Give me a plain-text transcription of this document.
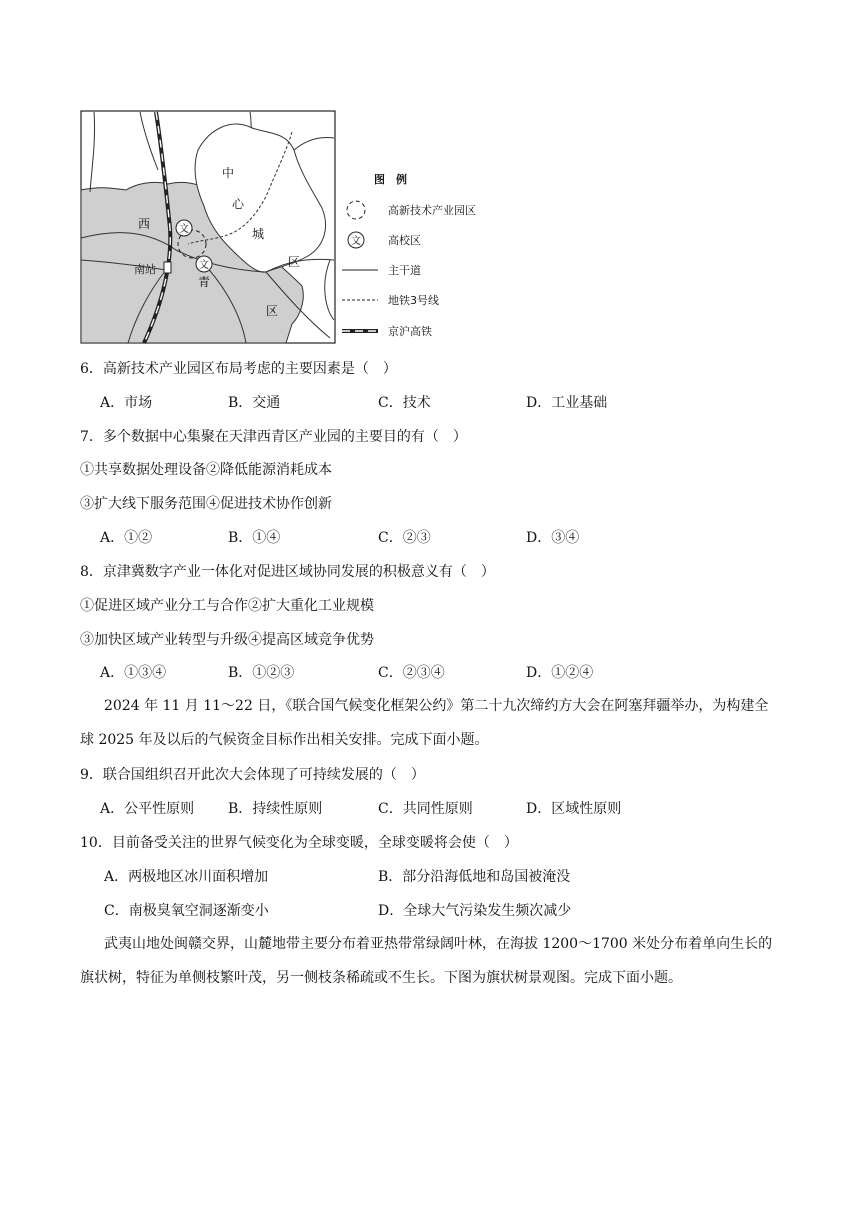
文
文
中
心
城
区
西
青
区
南站
图　例
高新技术产业园区
文 高校区
主干道
地铁3号线
京沪高铁
6．高新技术产业园区布局考虑的主要因素是（　）
A．市场	B．交通	C．技术	D．工业基础
7．多个数据中心集聚在天津西青区产业园的主要目的有（　）
①共享数据处理设备②降低能源消耗成本
③扩大线下服务范围④促进技术协作创新
A．①②	B．①④	C．②③	D．③④
8．京津冀数字产业一体化对促进区域协同发展的积极意义有（　）
①促进区域产业分工与合作②扩大重化工业规模
③加快区域产业转型与升级④提高区域竞争优势
A．①③④	B．①②③	C．②③④	D．①②④
2024 年 11 月 11～22 日，《联合国气候变化框架公约》第二十九次缔约方大会在阿塞拜疆举办，为构建全球 2025 年及以后的气候资金目标作出相关安排。完成下面小题。
9．联合国组织召开此次大会体现了可持续发展的（　）
A．公平性原则 B．持续性原则	C．共同性原则	D．区域性原则
10．目前备受关注的世界气候变化为全球变暖，全球变暖将会使（　）
A．两极地区冰川面积增加	B．部分沿海低地和岛国被淹没
C．南极臭氧空洞逐渐变小	D．全球大气污染发生频次减少
武夷山地处闽赣交界，山麓地带主要分布着亚热带常绿阔叶林，在海拔 1200～1700 米处分布着单向生长的旗状树，特征为单侧枝繁叶茂，另一侧枝条稀疏或不生长。下图为旗状树景观图。完成下面小题。
